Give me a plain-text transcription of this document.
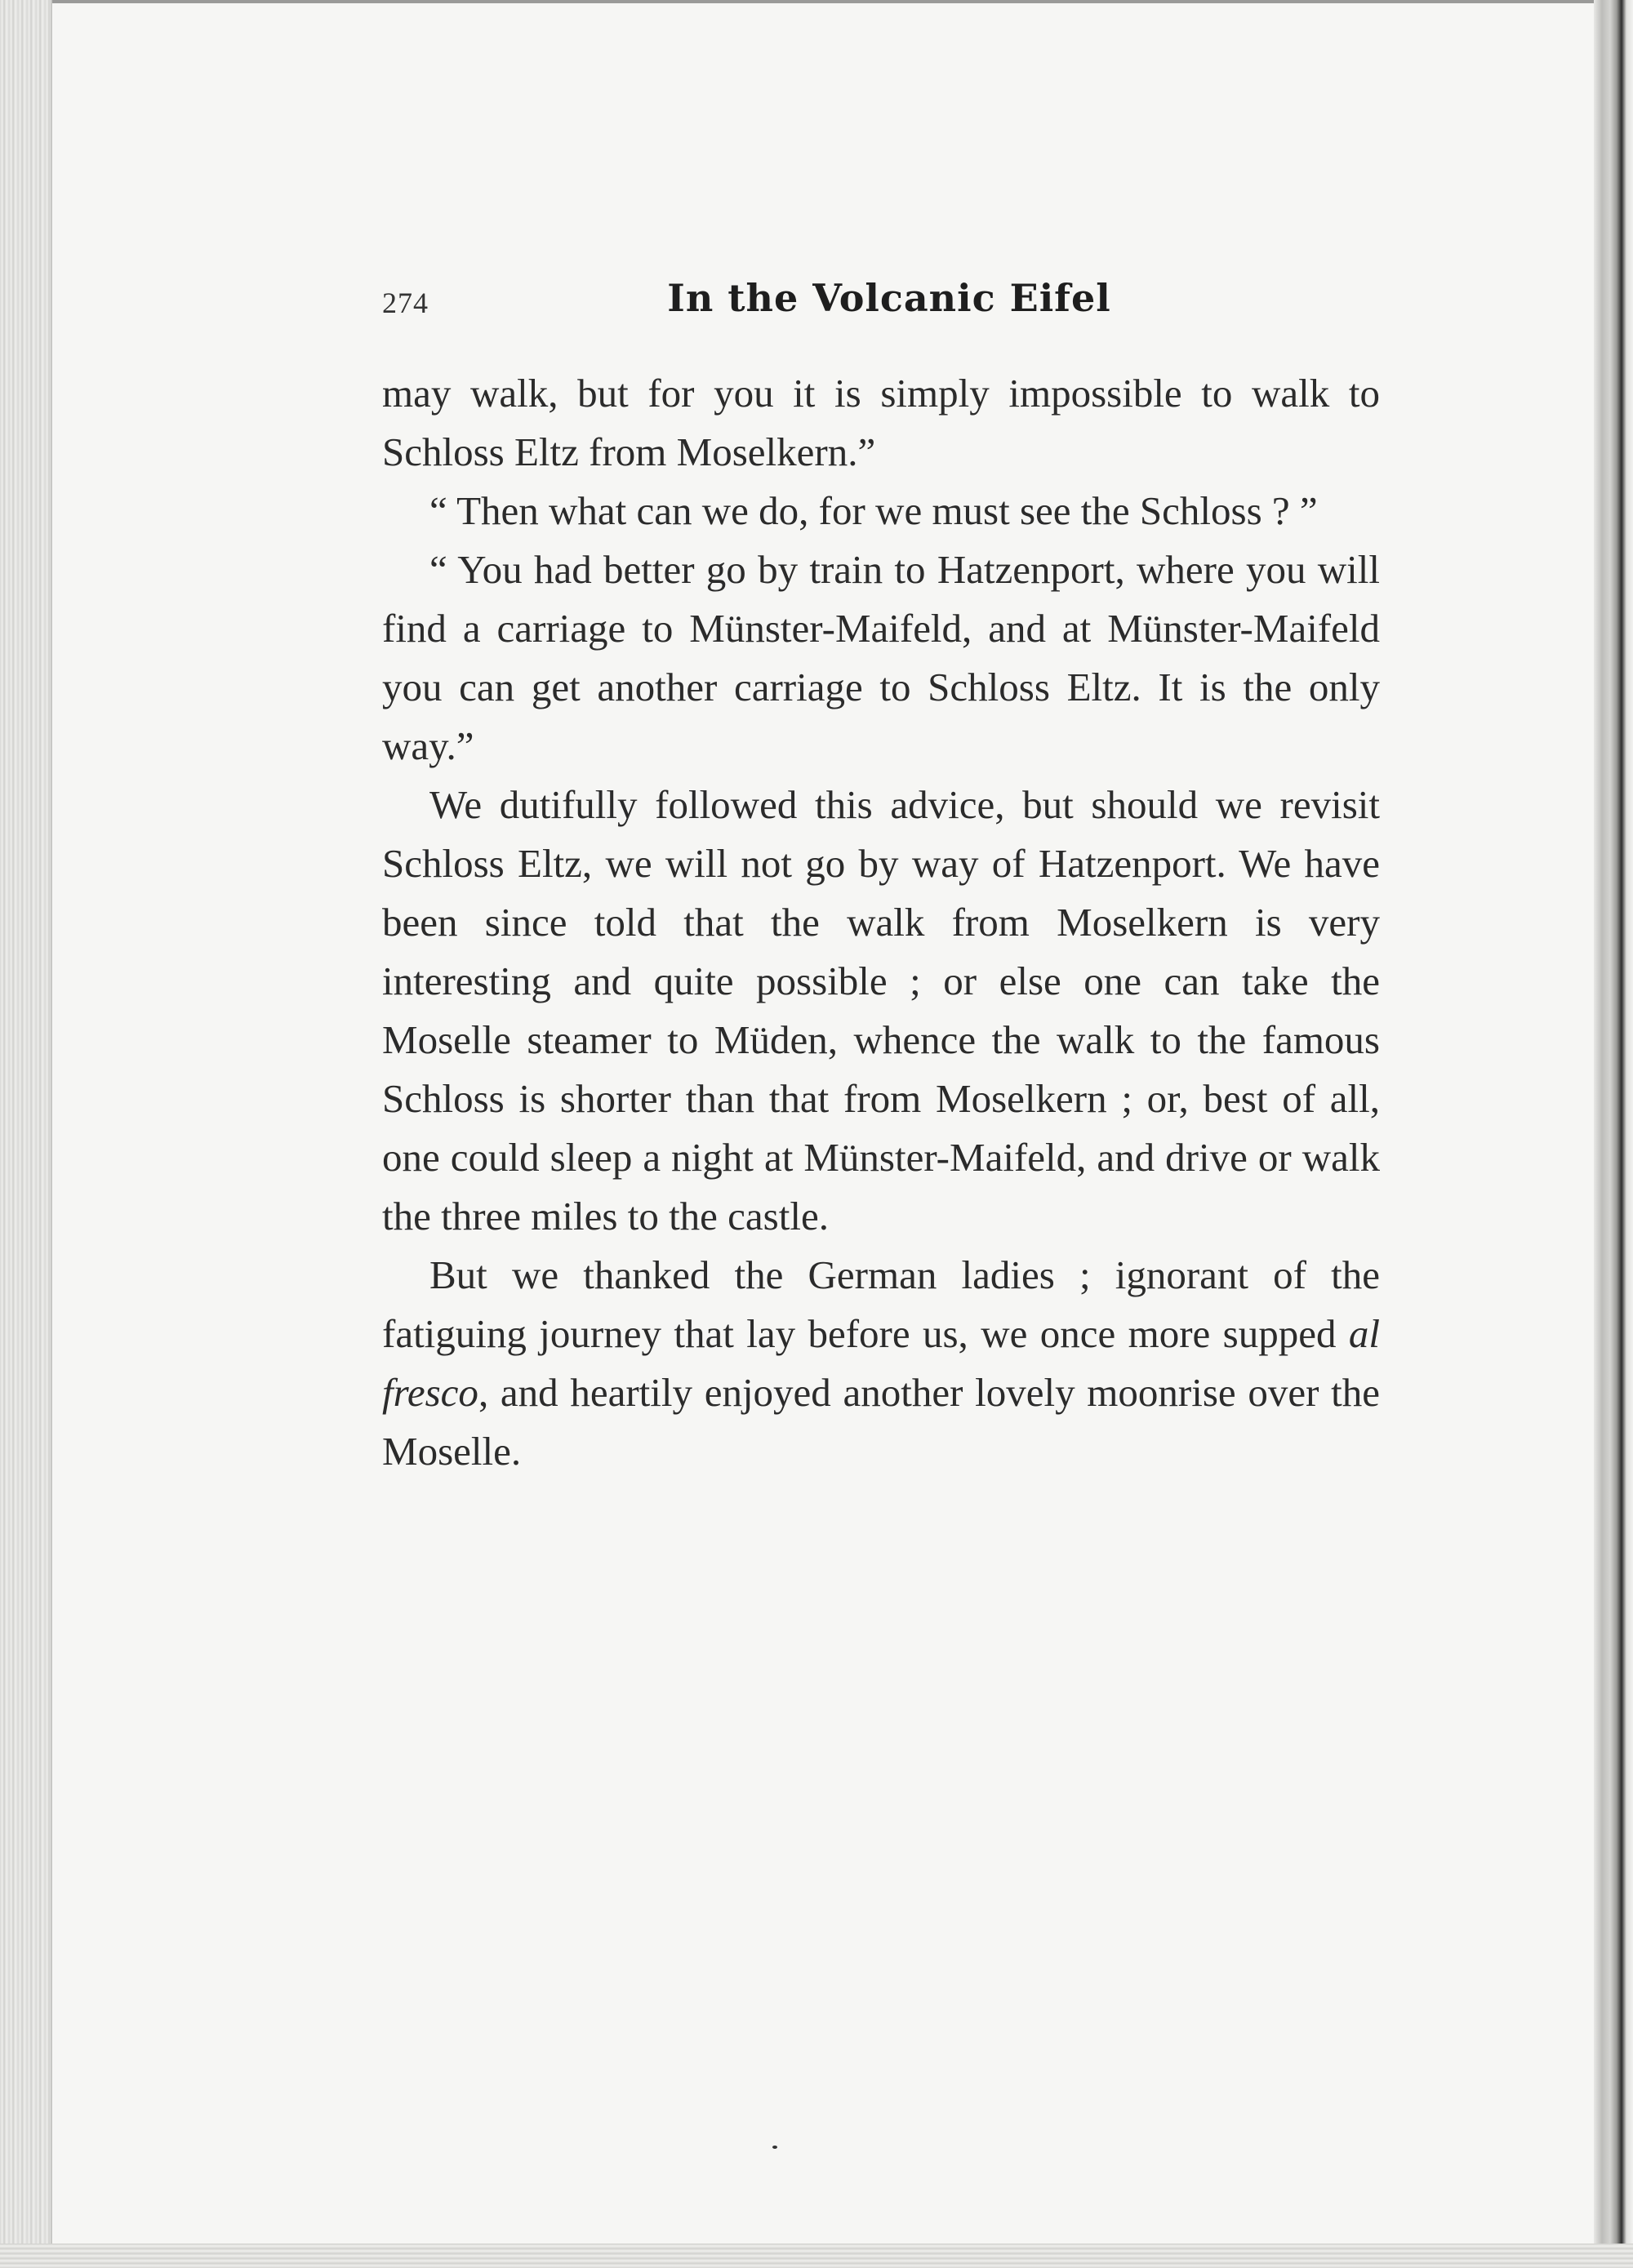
274	In the Volcanic Eifel

may walk, but for you it is simply impossible to walk to Schloss Eltz from Moselkern.”

“ Then what can we do, for we must see the Schloss ? ”

“ You had better go by train to Hatzenport, where you will find a carriage to Münster-Maifeld, and at Münster-Maifeld you can get another carriage to Schloss Eltz. It is the only way.”

We dutifully followed this advice, but should we revisit Schloss Eltz, we will not go by way of Hatzenport. We have been since told that the walk from Moselkern is very interesting and quite possible ; or else one can take the Moselle steamer to Müden, whence the walk to the famous Schloss is shorter than that from Moselkern ; or, best of all, one could sleep a night at Münster-Maifeld, and drive or walk the three miles to the castle.

But we thanked the German ladies ; ignorant of the fatiguing journey that lay before us, we once more supped al fresco, and heartily enjoyed another lovely moonrise over the Moselle.
